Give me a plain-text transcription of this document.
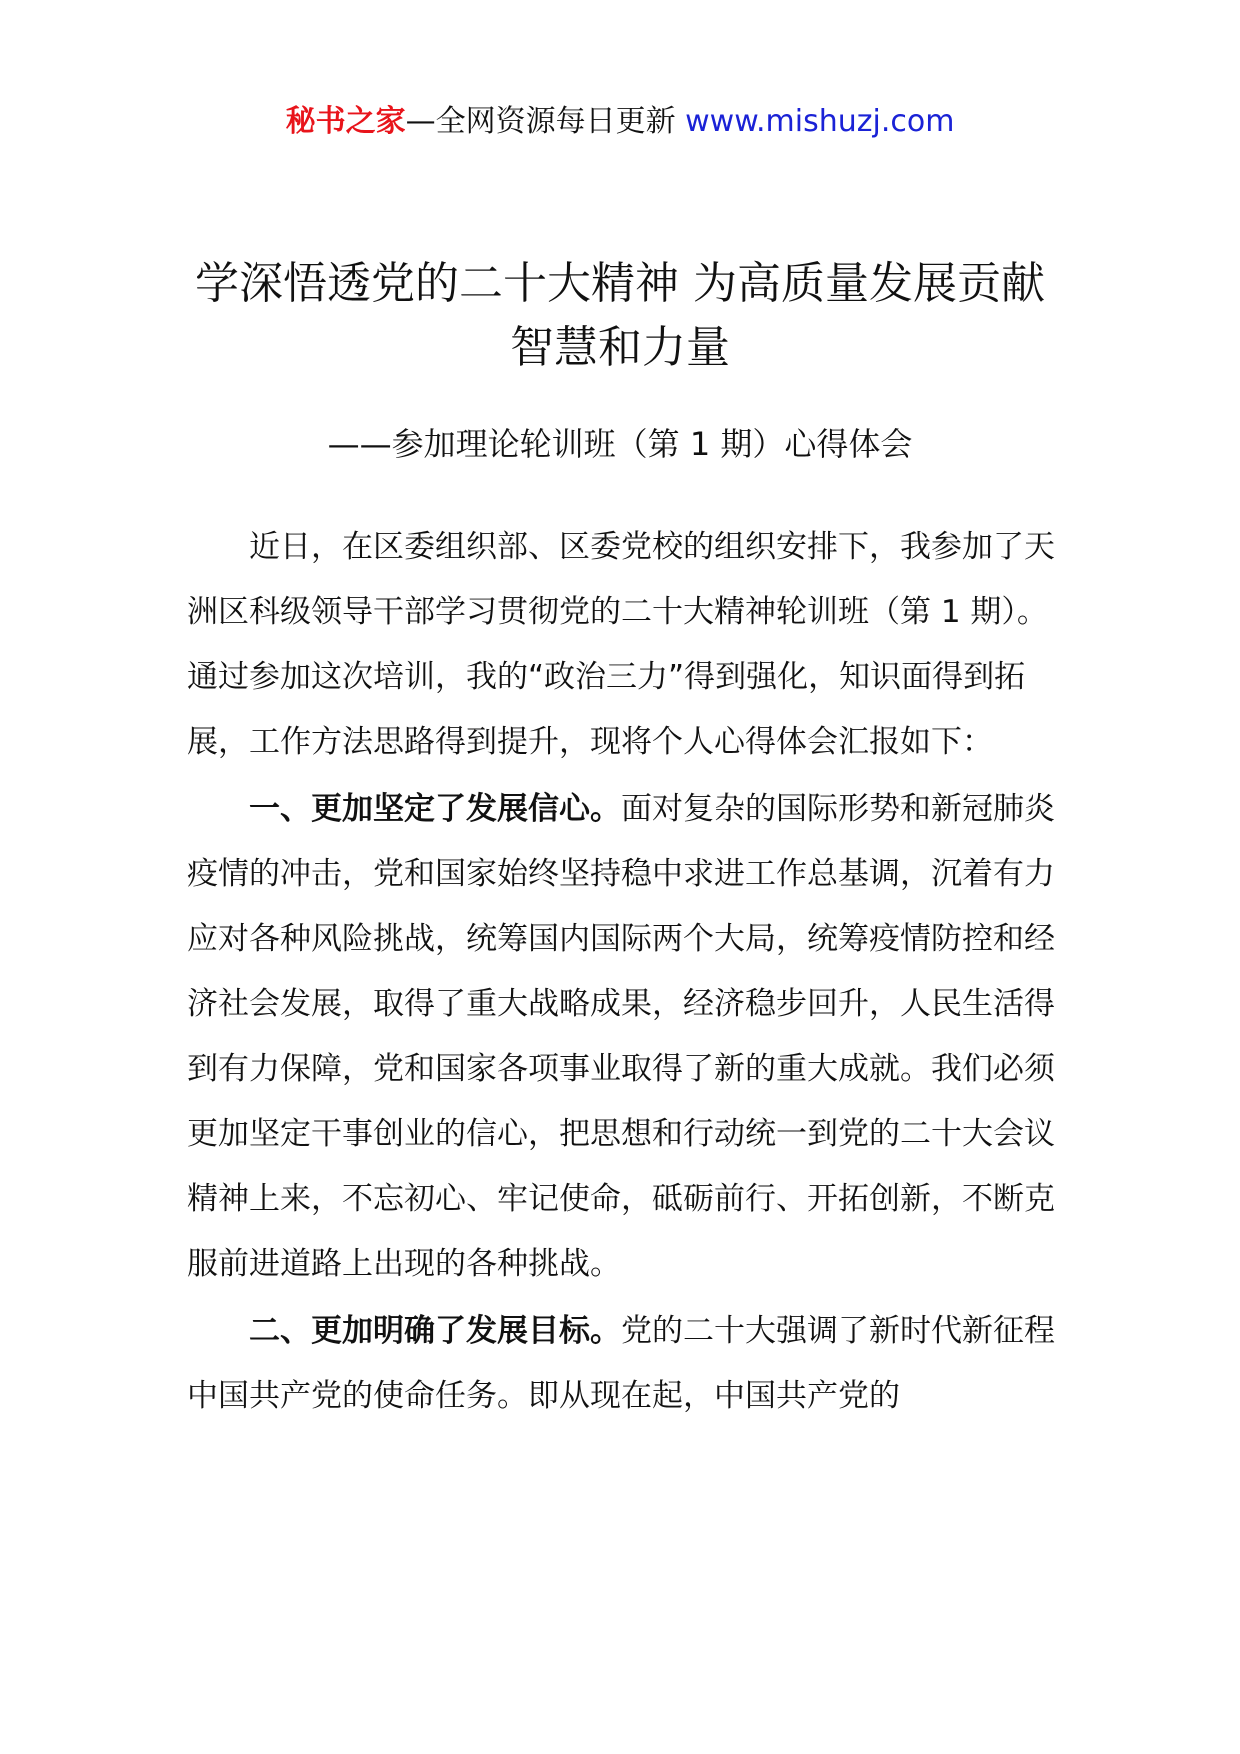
秘书之家—全网资源每日更新 www.mishuzj.com
学深悟透党的二十大精神 为高质量发展贡献智慧和力量
——参加理论轮训班（第 1 期）心得体会

近日，在区委组织部、区委党校的组织安排下，我参加了天洲区科级领导干部学习贯彻党的二十大精神轮训班（第 1 期）。通过参加这次培训，我的“政治三力”得到强化，知识面得到拓展，工作方法思路得到提升，现将个人心得体会汇报如下：

一、更加坚定了发展信心。面对复杂的国际形势和新冠肺炎疫情的冲击，党和国家始终坚持稳中求进工作总基调，沉着有力应对各种风险挑战，统筹国内国际两个大局，统筹疫情防控和经济社会发展，取得了重大战略成果，经济稳步回升，人民生活得到有力保障，党和国家各项事业取得了新的重大成就。我们必须更加坚定干事创业的信心，把思想和行动统一到党的二十大会议精神上来，不忘初心、牢记使命，砥砺前行、开拓创新，不断克服前进道路上出现的各种挑战。

二、更加明确了发展目标。党的二十大强调了新时代新征程中国共产党的使命任务。即从现在起，中国共产党的
